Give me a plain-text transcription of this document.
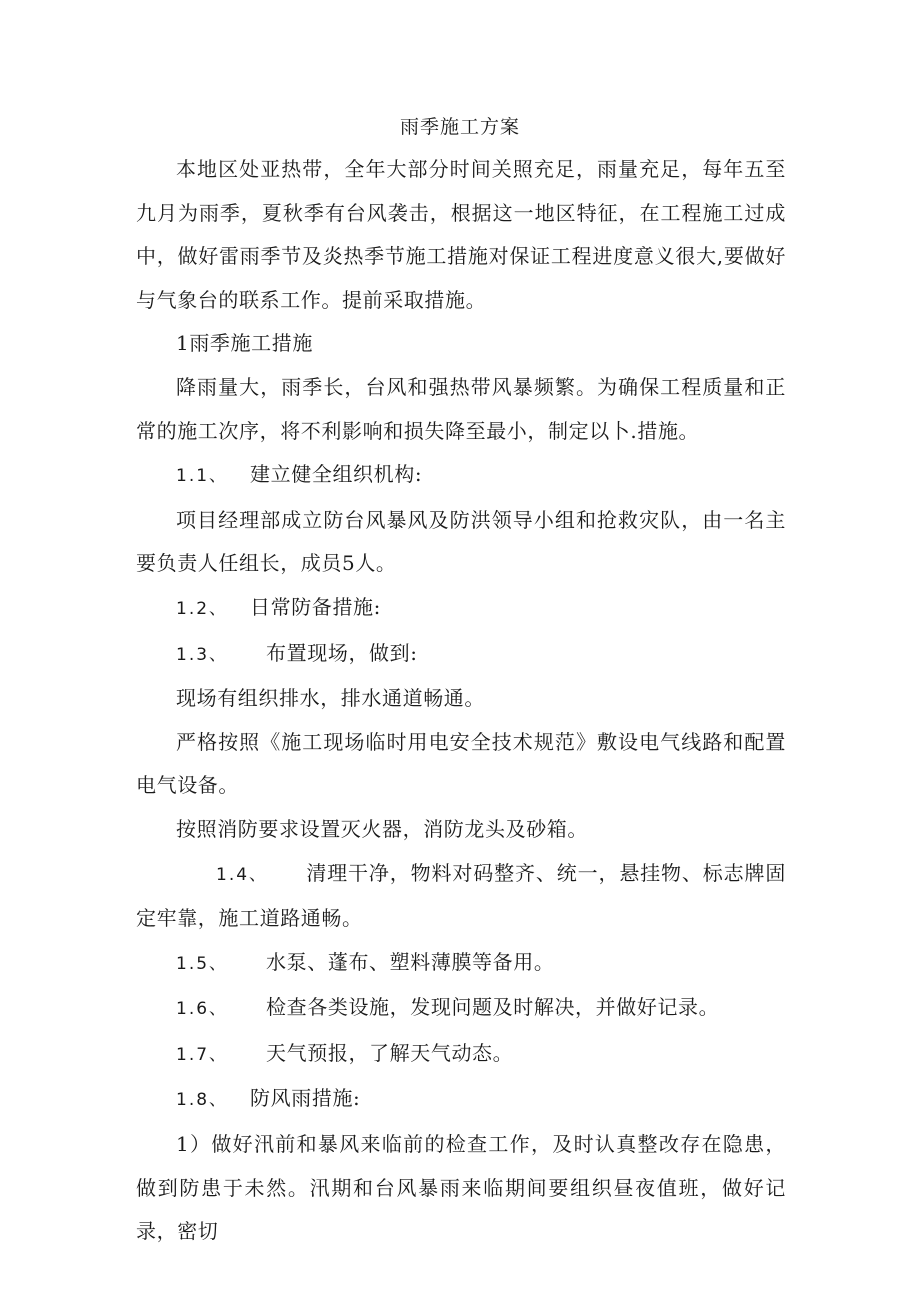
雨季施工方案

本地区处亚热带，全年大部分时间关照充足，雨量充足，每年五至九月为雨季，夏秋季有台风袭击，根据这一地区特征，在工程施工过成中，做好雷雨季节及炎热季节施工措施对保证工程进度意义很大,要做好与气象台的联系工作。提前采取措施。

1雨季施工措施

降雨量大，雨季长，台风和强热带风暴频繁。为确保工程质量和正常的施工次序，将不利影响和损失降至最小，制定以卜.措施。

1.1、 建立健全组织机构:

项目经理部成立防台风暴风及防洪领导小组和抢救灾队，由一名主要负责人任组长，成员5人。

1.2、 日常防备措施:

1.3、 布置现场，做到:

现场有组织排水，排水通道畅通。

严格按照《施工现场临时用电安全技术规范》敷设电气线路和配置电气设备。

按照消防要求设置灭火器，消防龙头及砂箱。

1.4、 清理干净，物料对码整齐、统一，悬挂物、标志牌固定牢靠，施工道路通畅。

1.5、 水泵、蓬布、塑料薄膜等备用。

1.6、 检查各类设施，发现问题及时解决，并做好记录。

1.7、 天气预报，了解天气动态。

1.8、 防风雨措施:

1）做好汛前和暴风来临前的检查工作，及时认真整改存在隐患，做到防患于未然。汛期和台风暴雨来临期间要组织昼夜值班，做好记录，密切
